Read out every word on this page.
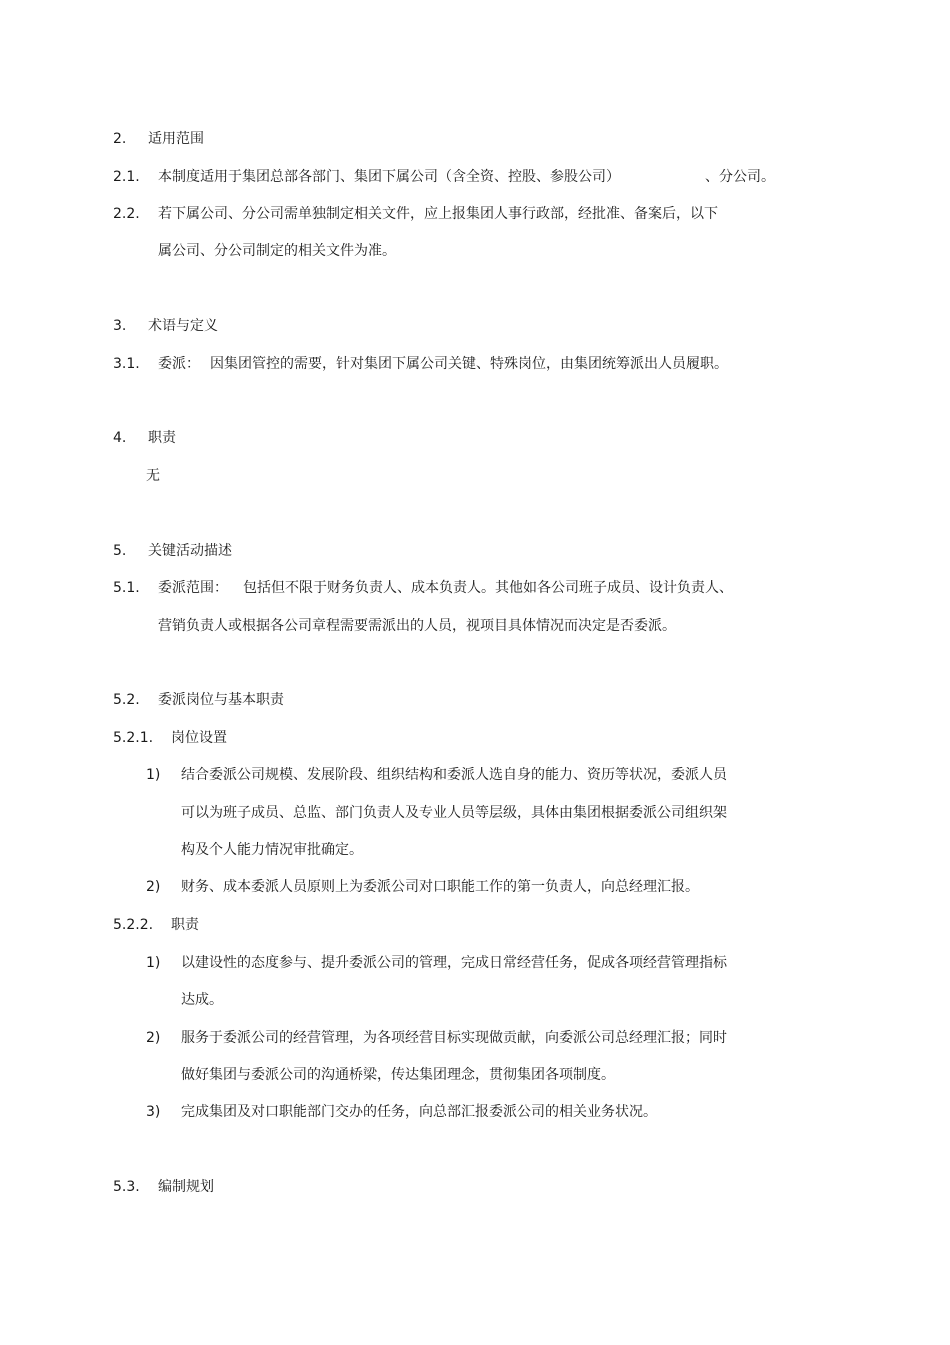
2. 适用范围
2.1. 本制度适用于集团总部各部门、集团下属公司（含全资、控股、参股公司）	、分公司。
2.2. 若下属公司、分公司需单独制定相关文件，应上报集团人事行政部，经批准、备案后，以下
属公司、分公司制定的相关文件为准。
3. 术语与定义
3.1. 委派： 因集团管控的需要，针对集团下属公司关键、特殊岗位，由集团统筹派出人员履职。
4. 职责
无
5. 关键活动描述
5.1. 委派范围： 包括但不限于财务负责人、成本负责人。其他如各公司班子成员、设计负责人、
营销负责人或根据各公司章程需要需派出的人员，视项目具体情况而决定是否委派。
5.2. 委派岗位与基本职责
5.2.1. 岗位设置
1) 结合委派公司规模、发展阶段、组织结构和委派人选自身的能力、资历等状况，委派人员
可以为班子成员、总监、部门负责人及专业人员等层级，具体由集团根据委派公司组织架
构及个人能力情况审批确定。
2) 财务、成本委派人员原则上为委派公司对口职能工作的第一负责人，向总经理汇报。
5.2.2. 职责
1) 以建设性的态度参与、提升委派公司的管理，完成日常经营任务，促成各项经营管理指标
达成。
2) 服务于委派公司的经营管理，为各项经营目标实现做贡献，向委派公司总经理汇报；同时
做好集团与委派公司的沟通桥梁，传达集团理念，贯彻集团各项制度。
3) 完成集团及对口职能部门交办的任务，向总部汇报委派公司的相关业务状况。
5.3. 编制规划
